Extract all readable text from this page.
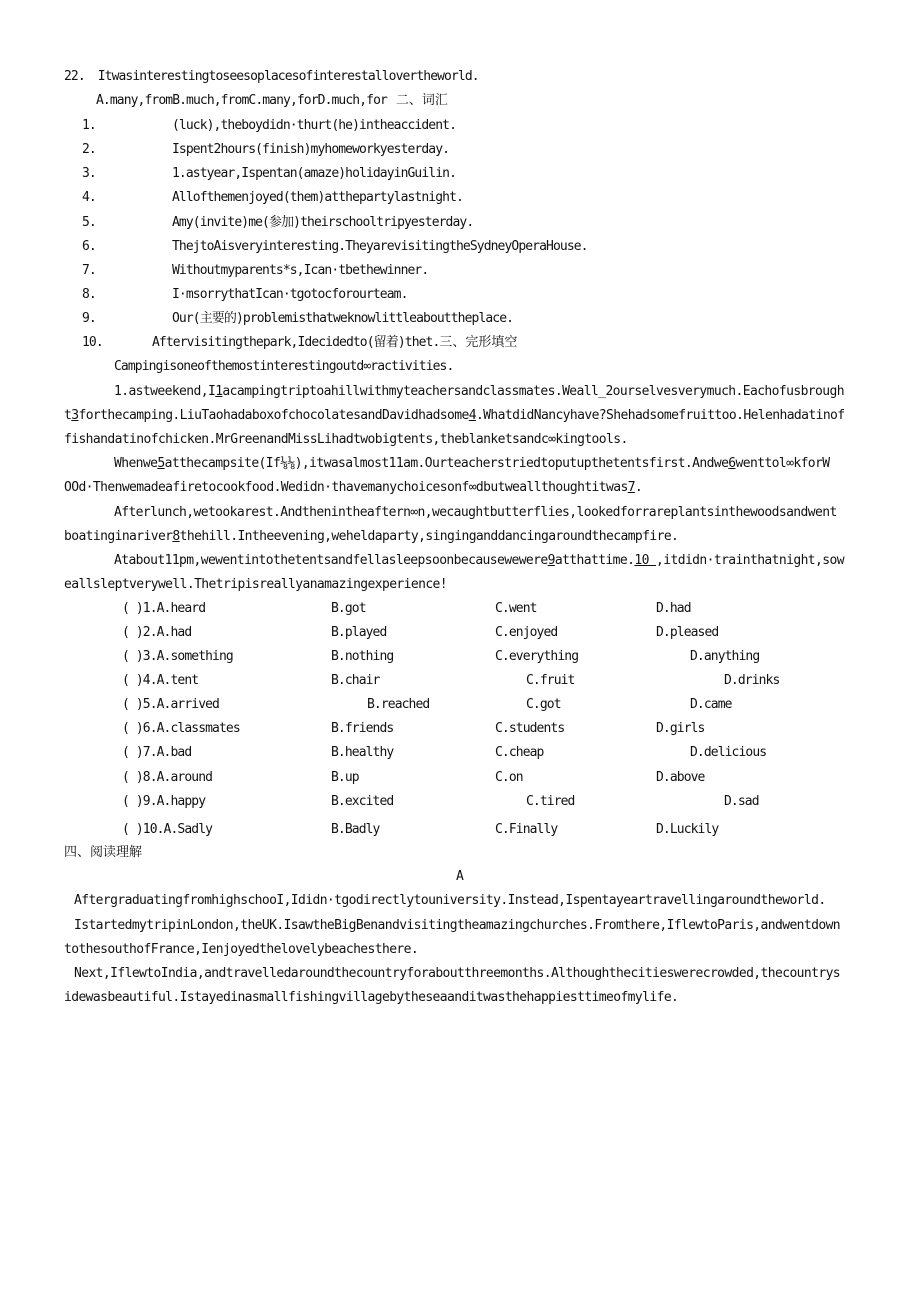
22. Itwasinterestingtoseesoplacesofinterestallovertheworld.
A.many,fromB.much,fromC.many,forD.much,for 二、词汇
1.	(luck),theboydidn·thurt(he)intheaccident.
2.	Ispent2hours(finish)myhomeworkyesterday.
3.	1.astyear,Ispentan(amaze)holidayinGuilin.
4.	Allofthemenjoyed(them)atthepartylastnight.
5.	Amy(invite)me(参加)theirschooltripyesterday.
6.	ThejtoAisveryinteresting.TheyarevisitingtheSydneyOperaHouse.
7.	Withoutmyparents*s,Ican·tbethewinner.
8.	I·msorrythatIcan·tgotocforourteam.
9.	Our(主要的)problemisthatweknowlittleabouttheplace.
10.	Aftervisitingthepark,Idecidedto(留着)thet.三、完形填空
Campingisoneofthemostinterestingoutd∞ractivities.
1.astweekend,I1acampingtriptoahillwithmyteachersandclassmates.Weall_2ourselvesverymuch.Eachofusbrough
t3forthecamping.LiuTaohadaboxofchocolatesandDavidhadsome4.WhatdidNancyhave?Shehadsomefruittoo.Helenhadatinof
fishandatinofchicken.MrGreenandMissLihadtwobigtents,theblanketsandc∞kingtools.
Whenwe5atthecampsite(If⅛⅛),itwasalmost11am.Ourteacherstriedtoputupthetentsfirst.Andwe6wenttol∞kforW
OOd·Thenwemadeafiretocookfood.Wedidn·thavemanychoicesonf∞dbutweallthoughtitwas7.
Afterlunch,wetookarest.Andthenintheaftern∞n,wecaughtbutterflies,lookedforrareplantsinthewoodsandwent
boatinginariver8thehill.Intheevening,weheldaparty,singinganddancingaroundthecampfire.
Atabout11pm,wewentintothetentsandfellasleepsoonbecausewewere9atthattime.10 ,itdidn·trainthatnight,sow
eallsleptverywell.Thetripisreallyanamazingexperience!
( )1.A.heard	B.got	C.went	D.had
( )2.A.had	B.played	C.enjoyed	D.pleased
( )3.A.something	B.nothing	C.everything	D.anything
( )4.A.tent	B.chair	C.fruit	D.drinks
( )5.A.arrived	B.reached	C.got	D.came
( )6.A.classmates	B.friends	C.students	D.girls
( )7.A.bad	B.healthy	C.cheap	D.delicious
( )8.A.around	B.up	C.on	D.above
( )9.A.happy	B.excited	C.tired	D.sad
( )10.A.Sadly	B.Badly	C.Finally	D.Luckily
四、阅读理解
A
AftergraduatingfromhighschooI,Ididn·tgodirectlytouniversity.Instead,Ispentayeartravellingaroundtheworld.
IstartedmytripinLondon,theUK.IsawtheBigBenandvisitingtheamazingchurches.Fromthere,IflewtoParis,andwentdown
tothesouthofFrance,Ienjoyedthelovelybeachesthere.
Next,IflewtoIndia,andtravelledaroundthecountryforaboutthreemonths.Althoughthecitieswerecrowded,thecountrys
idewasbeautiful.Istayedinasmallfishingvillagebytheseaanditwasthehappiesttimeofmylife.
